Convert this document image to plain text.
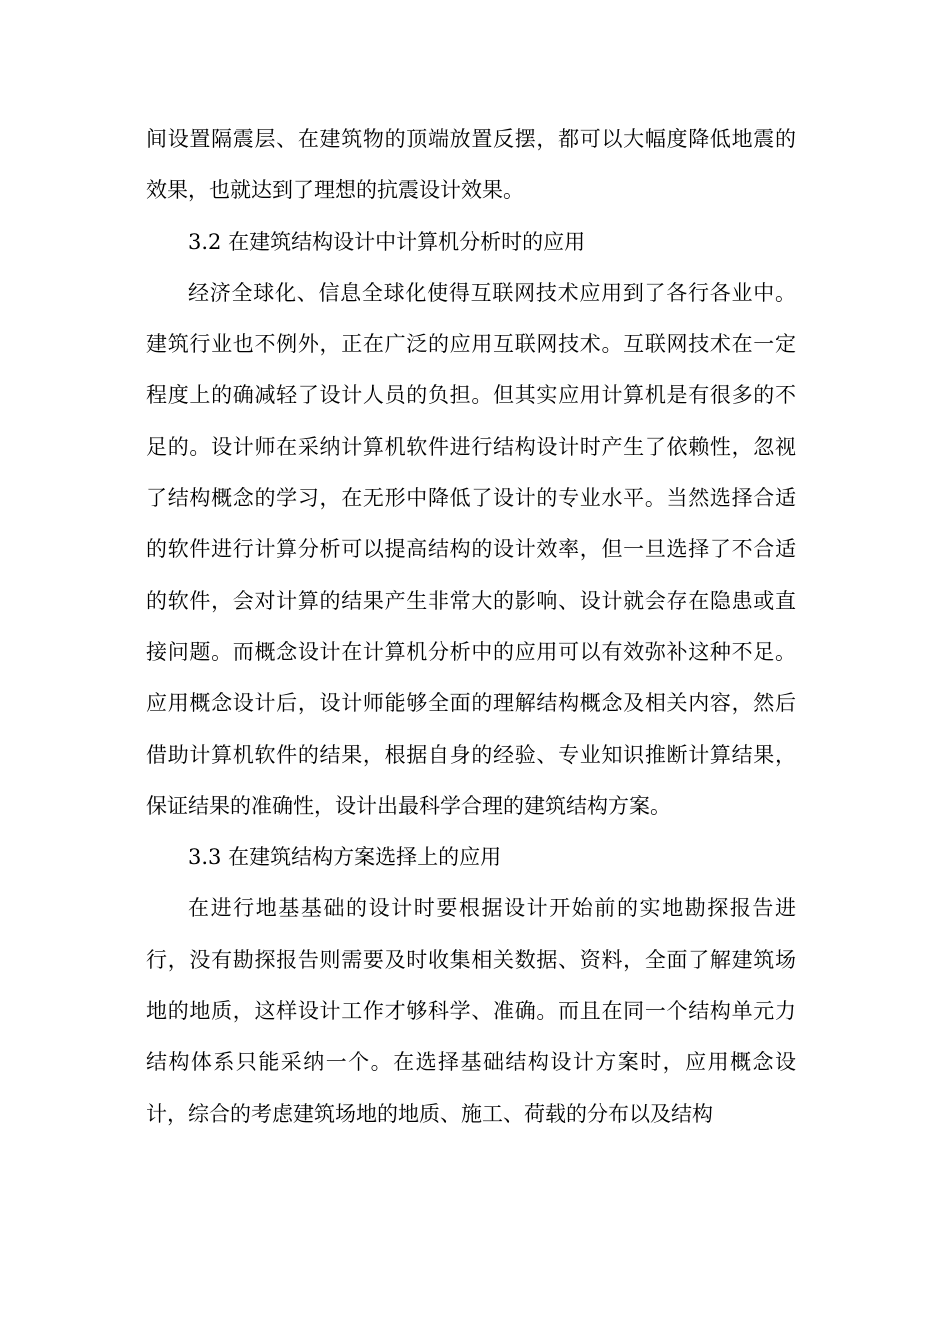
间设置隔震层、在建筑物的顶端放置反摆，都可以大幅度降低地震的效果，也就达到了理想的抗震设计效果。

3.2 在建筑结构设计中计算机分析时的应用

经济全球化、信息全球化使得互联网技术应用到了各行各业中。建筑行业也不例外，正在广泛的应用互联网技术。互联网技术在一定程度上的确减轻了设计人员的负担。但其实应用计算机是有很多的不足的。设计师在采纳计算机软件进行结构设计时产生了依赖性，忽视了结构概念的学习，在无形中降低了设计的专业水平。当然选择合适的软件进行计算分析可以提高结构的设计效率，但一旦选择了不合适的软件，会对计算的结果产生非常大的影响、设计就会存在隐患或直接问题。而概念设计在计算机分析中的应用可以有效弥补这种不足。应用概念设计后，设计师能够全面的理解结构概念及相关内容，然后借助计算机软件的结果，根据自身的经验、专业知识推断计算结果，保证结果的准确性，设计出最科学合理的建筑结构方案。

3.3 在建筑结构方案选择上的应用

在进行地基基础的设计时要根据设计开始前的实地勘探报告进行，没有勘探报告则需要及时收集相关数据、资料，全面了解建筑场地的地质，这样设计工作才够科学、准确。而且在同一个结构单元力结构体系只能采纳一个。在选择基础结构设计方案时，应用概念设计，综合的考虑建筑场地的地质、施工、荷载的分布以及结构
